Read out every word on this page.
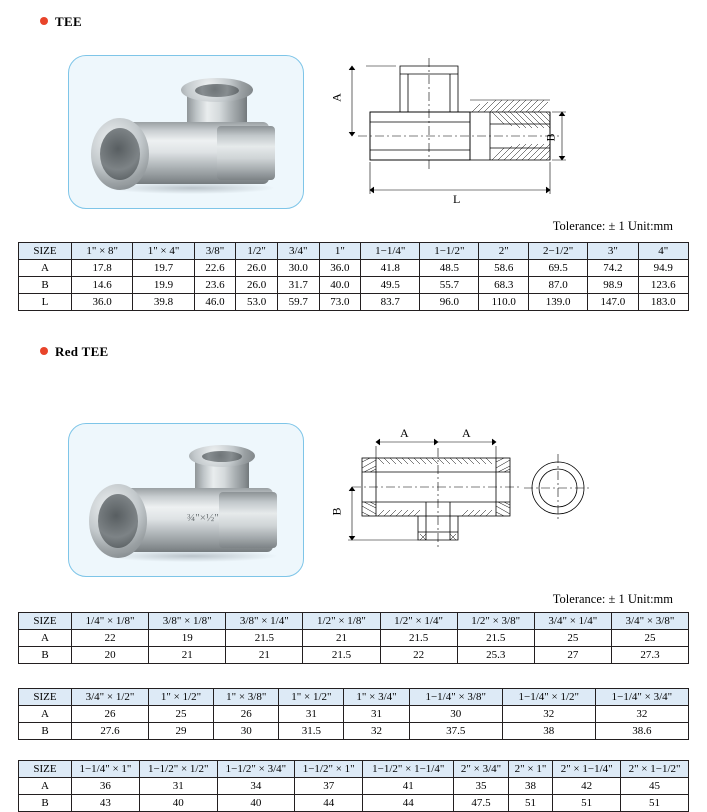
TEE
A
B
L
Tolerance: ± 1 Unit:mm
SIZE	1" × 8"	1" × 4"	3/8"	1/2"	3/4"	1"	1−1/4"	1−1/2"	2"	2−1/2"	3"	4"
A	17.8	19.7	22.6	26.0	30.0	36.0	41.8	48.5	58.6	69.5	74.2	94.9
B	14.6	19.9	23.6	26.0	31.7	40.0	49.5	55.7	68.3	87.0	98.9	123.6
L	36.0	39.8	46.0	53.0	59.7	73.0	83.7	96.0	110.0	139.0	147.0	183.0
Red TEE
¾"×½"
A	A
B
Tolerance: ± 1 Unit:mm
SIZE	1/4" × 1/8"	3/8" × 1/8"	3/8" × 1/4"	1/2" × 1/8"	1/2" × 1/4"	1/2" × 3/8"	3/4" × 1/4"	3/4" × 3/8"
A	22	19	21.5	21	21.5	21.5	25	25
B	20	21	21	21.5	22	25.3	27	27.3
SIZE	3/4" × 1/2"	1" × 1/2"	1" × 3/8"	1" × 1/2"	1" × 3/4"	1−1/4" × 3/8"	1−1/4" × 1/2"	1−1/4" × 3/4"
A	26	25	26	31	31	30	32	32
B	27.6	29	30	31.5	32	37.5	38	38.6
SIZE	1−1/4" × 1"	1−1/2" × 1/2"	1−1/2" × 3/4"	1−1/2" × 1"	1−1/2" × 1−1/4"	2" × 3/4"	2" × 1"	2" × 1−1/4"	2" × 1−1/2"
A	36	31	34	37	41	35	38	42	45
B	43	40	40	44	44	47.5	51	51	51
